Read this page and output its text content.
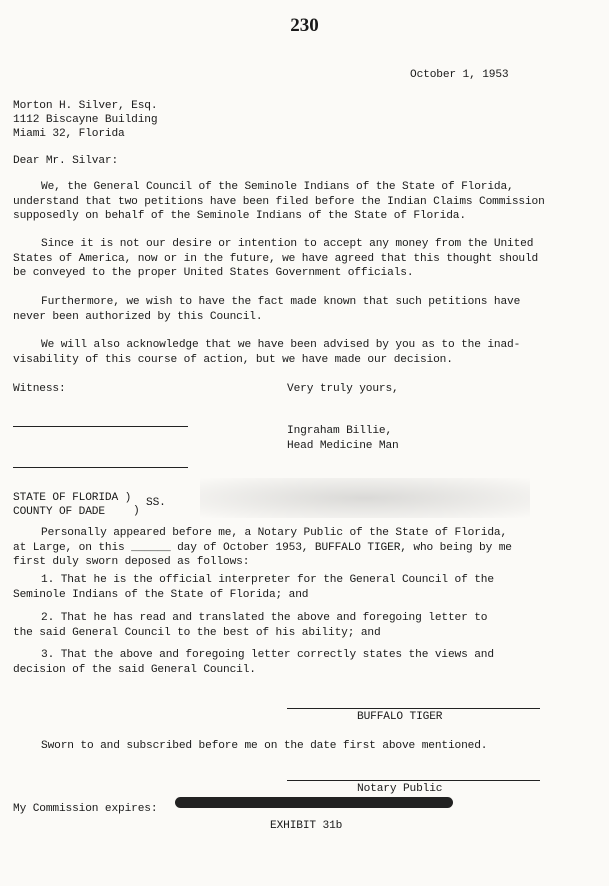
230
October 1, 1953

Morton H. Silver, Esq.

1112 Biscayne Building

Miami 32, Florida

Dear Mr. Silvar:

We, the General Council of the Seminole Indians of the State of Florida,

understand that two petitions have been filed before the Indian Claims Commission

supposedly on behalf of the Seminole Indians of the State of Florida.

Since it is not our desire or intention to accept any money from the United

States of America, now or in the future, we have agreed that this thought should

be conveyed to the proper United States Government officials.

Furthermore, we wish to have the fact made known that such petitions have

never been authorized by this Council.

We will also acknowledge that we have been advised by you as to the inad-

visability of this course of action, but we have made our decision.

Witness:	Very truly yours,

Ingraham Billie,

Head Medicine Man

STATE OF FLORIDA )

COUNTY OF DADE

SS.
)

Personally appeared before me, a Notary Public of the State of Florida,

at Large, on this ______ day of October 1953, BUFFALO TIGER, who being by me

first duly sworn deposed as follows:

1. That he is the official interpreter for the General Council of the

Seminole Indians of the State of Florida; and

2. That he has read and translated the above and foregoing letter to

the said General Council to the best of his ability; and

3. That the above and foregoing letter correctly states the views and

decision of the said General Council.

BUFFALO TIGER
Sworn to and subscribed before me on the date first above mentioned.
Notary Public
My Commission expires:
EXHIBIT 31b
